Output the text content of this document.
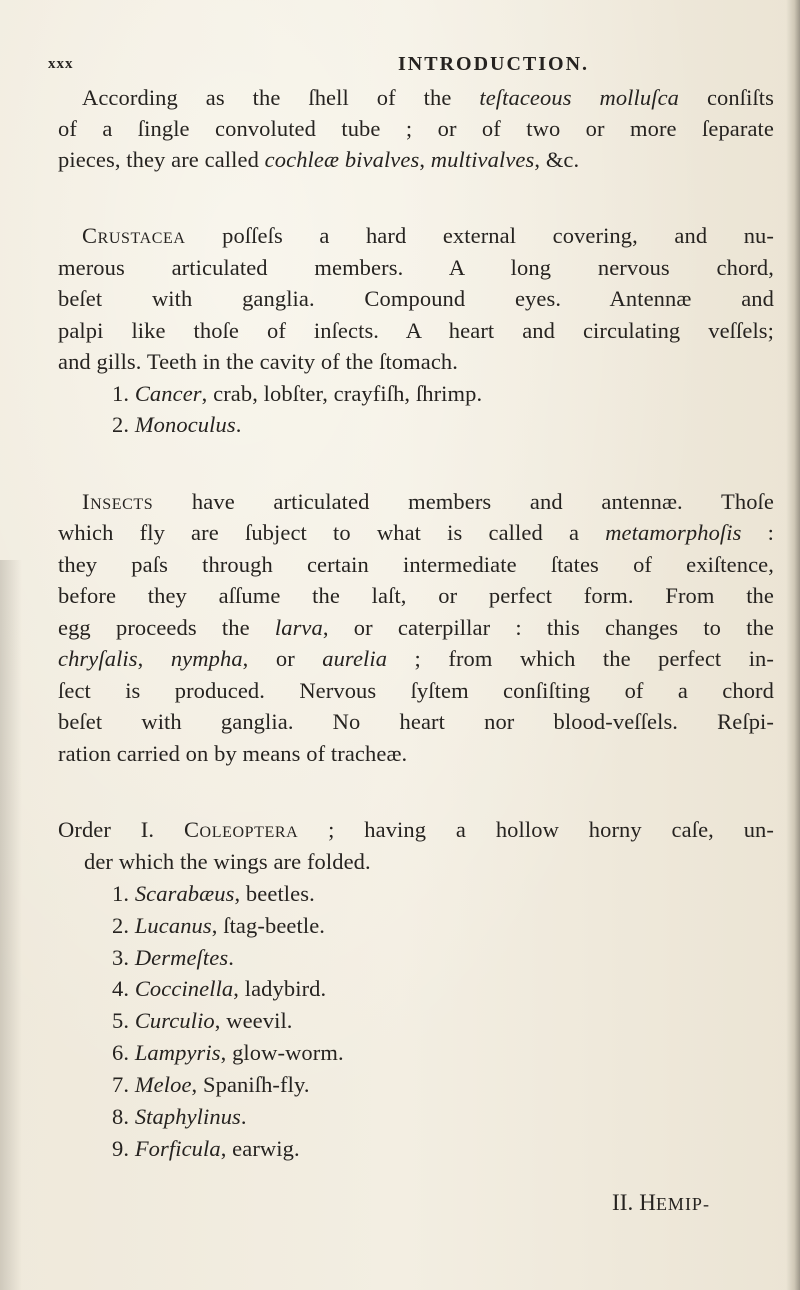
xxx	INTRODUCTION.
According as the ſhell of the teſtaceous molluſca conſiſts
of a ſingle convoluted tube ; or of two or more ſeparate
pieces, they are called cochleæ bivalves, multivalves, &c.
Crustacea poſſeſs a hard external covering, and nu-
merous articulated members. A long nervous chord,
beſet with ganglia. Compound eyes. Antennæ and
palpi like thoſe of inſects. A heart and circulating veſſels;
and gills. Teeth in the cavity of the ſtomach.
1. Cancer, crab, lobſter, crayfiſh, ſhrimp.
2. Monoculus.
Insects have articulated members and antennæ. Thoſe
which fly are ſubject to what is called a metamorphoſis :
they paſs through certain intermediate ſtates of exiſtence,
before they aſſume the laſt, or perfect form. From the
egg proceeds the larva, or caterpillar : this changes to the
chryſalis, nympha, or aurelia ; from which the perfect in-
ſect is produced. Nervous ſyſtem conſiſting of a chord
beſet with ganglia. No heart nor blood-veſſels. Reſpi-
ration carried on by means of tracheæ.
Order I. Coleoptera ; having a hollow horny caſe, un-
der which the wings are folded.
1. Scarabæus, beetles.
2. Lucanus, ſtag-beetle.
3. Dermeſtes.
4. Coccinella, ladybird.
5. Curculio, weevil.
6. Lampyris, glow-worm.
7. Meloe, Spaniſh-fly.
8. Staphylinus.
9. Forficula, earwig.
II. HEMIP-
